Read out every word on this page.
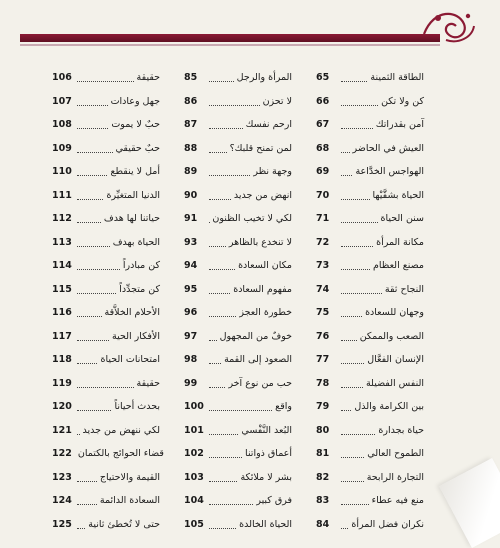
106	حقيقة
107	جهل وعادات
108	حبٌ لا يموت
109	حبٌ حقيقي
110	أمل لا ينقطع
111	الدنيا المتغيِّرة
112	حياتنا لها هدف
113	الحياة بهدف
114	كن مبادراً
115	كن متجدِّداً
116	الأحلام الخلاَّقة
117	الأفكار الحية
118	امتحانات الحياة
119	حقيقة
120	بحدث أحياناً
121 لكي ننهض من جديد
122 قضاء الحوائج بالكتمان
123	القيمة والاحتياج
124	السعادة الدائمة
125 حتى لا تُخطئ ثانية
85	المرأة والرجل
86	لا تحزن
87	ارحم نفسك
88	لمن تمنح قلبك؟
89	وجهة نظر
90	انهض من جديد
91	لكي لا تخيب الظنون
93	لا تنخدع بالظاهر
94	مكان السعادة
95	مفهوم السعادة
96	خطورة العجز
97	خوفٌ من المجهول
98	الصعود إلى القمة
99	حب من نوع آخر
100	واقع
101	البُعد النَّفْسي
102	أعماق ذواتنا
103	بشر لا ملائكة
104	فرق كبير
105	الحياة الخالدة
65	الطاقة الثمينة
66	كن ولا تكن
67	آمن بقدراتك
68	العيش في الحاضر
69	الهواجس الخدَّاعة
70	الحياة بشقَّيْها
71	سنن الحياة
72	مكانة المرأة
73	مصنع العظام
74	النجاح ثقة
75	وجهان للسعادة
76	الصعب والممكن
77	الإنسان الفعَّال
78	النفس الفضيلة
79	بين الكرامة والذل
80	حياة بجدارة
81	الطموح العالي
82	التجارة الرابحة
83	منع فيه عطاء
84	نكران فضل المرأة
